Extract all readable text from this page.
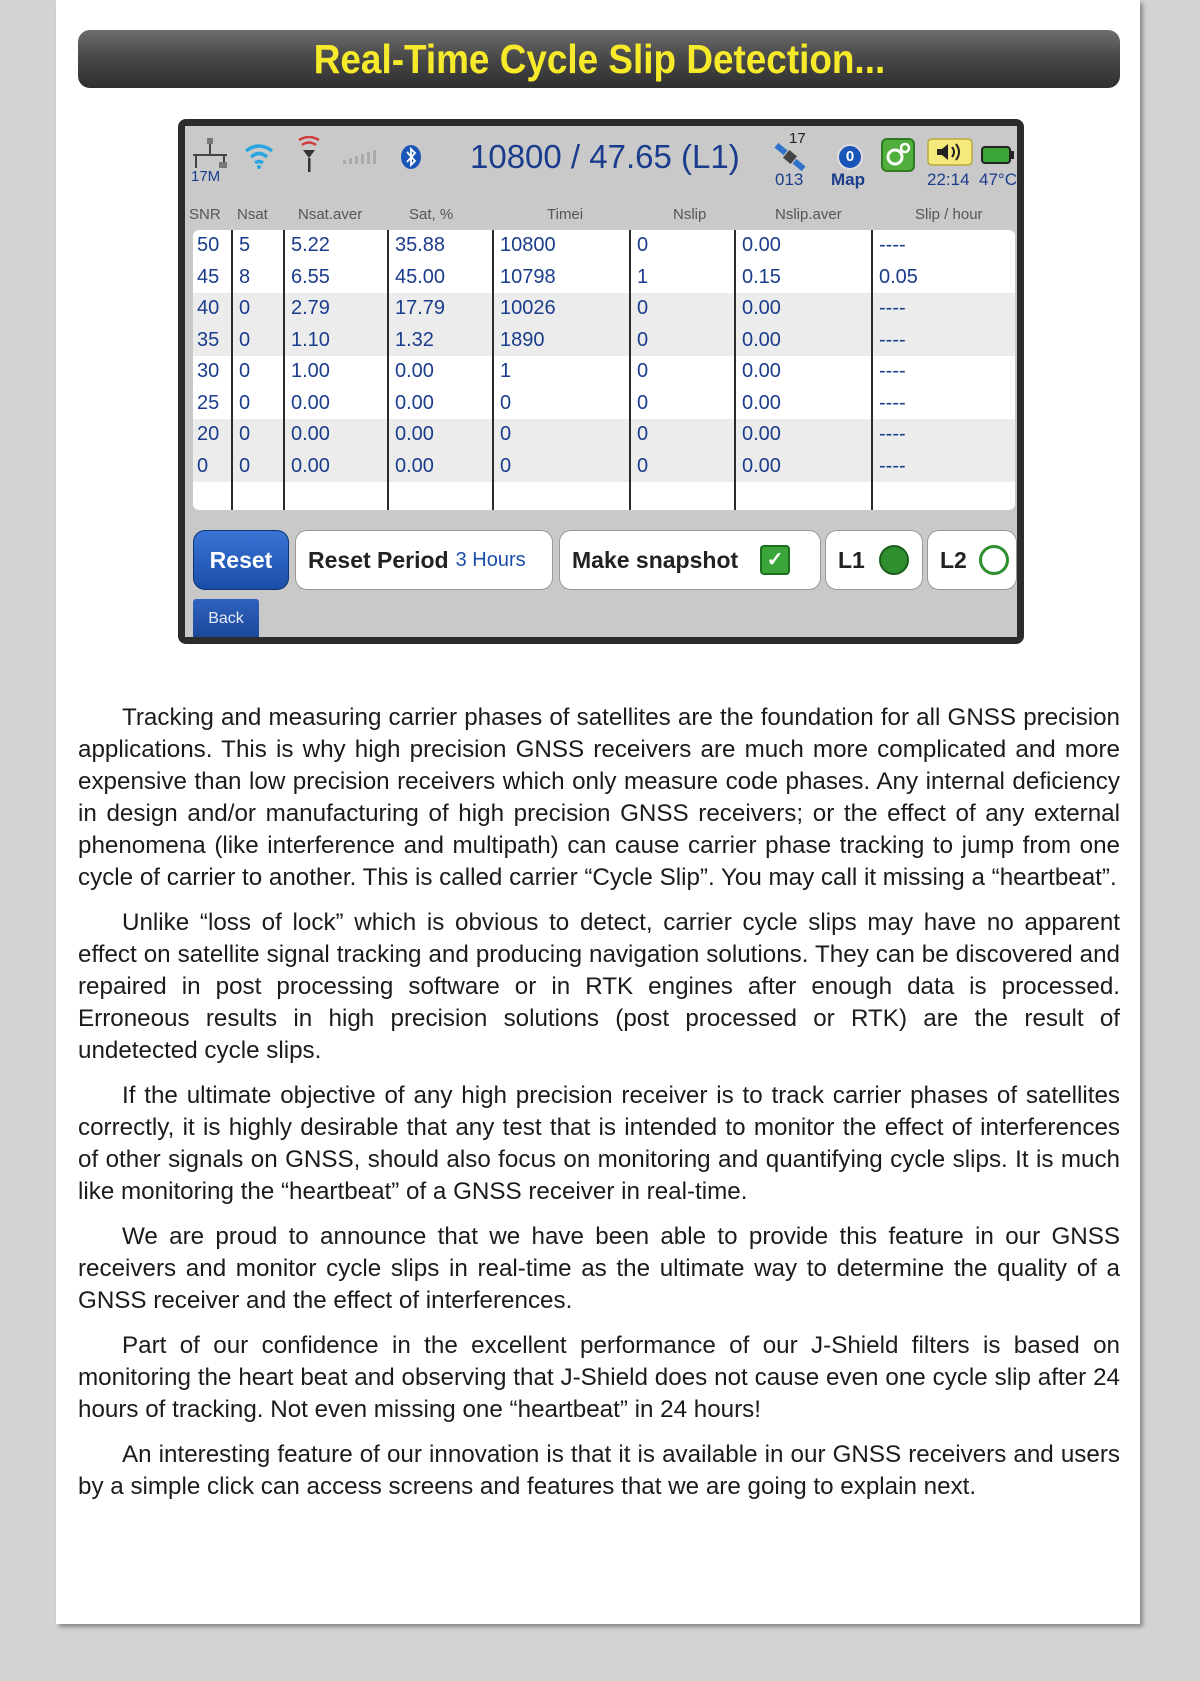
Real-Time Cycle Slip Detection...
17M
10800 / 47.65 (L1)	17
013
0
Map	22:14 47°C
SNR Nsat Nsat.aver	Sat, %	Timei	Nslip	Nslip.aver	Slip / hour
50 5 5.22	35.88	10800	0	0.00	----
45 8 6.55	45.00	10798	1	0.15	0.05
40 0 2.79	17.79	10026	0	0.00	----
35 0 1.10	1.32	1890	0	0.00	----
30 0 1.00	0.00	1	0	0.00	----
25 0 0.00	0.00	0	0	0.00	----
20 0 0.00	0.00	0	0	0.00	----
0 0 0.00	0.00	0	0	0.00	----
Reset	Reset Period 3 Hours Make snapshot	✓ L1	L2
Back

Tracking and measuring carrier phases of satellites are the foundation for all GNSS precision applications. This is why high precision GNSS receivers are much more complicated and more expensive than low precision receivers which only measure code phases. Any internal deficiency in design and/or manufacturing of high precision GNSS receivers; or the effect of any external phenomena (like interference and multipath) can cause carrier phase tracking to jump from one cycle of carrier to another. This is called carrier “Cycle Slip”. You may call it missing a “heartbeat”.

Unlike “loss of lock” which is obvious to detect, carrier cycle slips may have no apparent effect on satellite signal tracking and producing navigation solutions. They can be discovered and repaired in post processing software or in RTK engines after enough data is processed. Erroneous results in high precision solutions (post processed or RTK) are the result of undetected cycle slips.

If the ultimate objective of any high precision receiver is to track carrier phases of satellites correctly, it is highly desirable that any test that is intended to monitor the effect of interferences of other signals on GNSS, should also focus on monitoring and quantifying cycle slips. It is much like monitoring the “heartbeat” of a GNSS receiver in real-time.

We are proud to announce that we have been able to provide this feature in our GNSS receivers and monitor cycle slips in real-time as the ultimate way to determine the quality of a GNSS receiver and the effect of interferences.

Part of our confidence in the excellent performance of our J-Shield filters is based on monitoring the heart beat and observing that J-Shield does not cause even one cycle slip after 24 hours of tracking. Not even missing one “heartbeat” in 24 hours!

An interesting feature of our innovation is that it is available in our GNSS receivers and users by a simple click can access screens and features that we are going to explain next.
